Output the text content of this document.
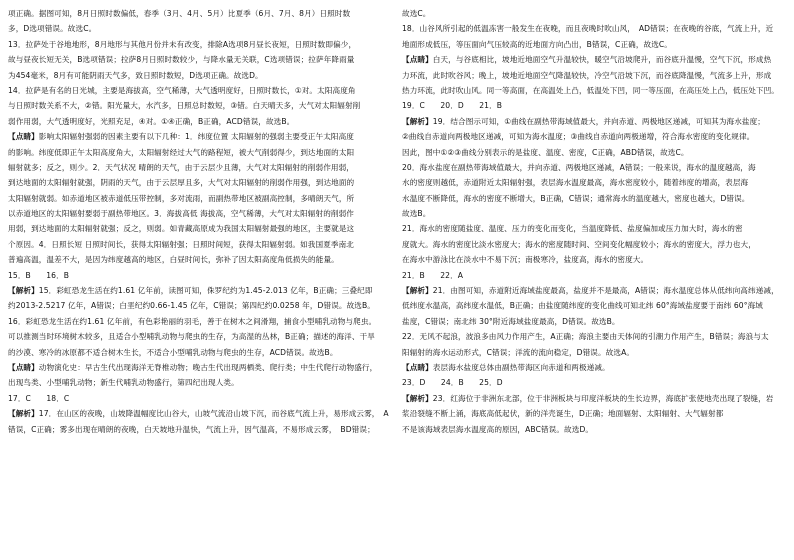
项正确。据图可知，8月日照时数偏低，春季（3月、4月、5月）比夏季（6月、7月、8月）日照时数
多，D选项错误。故选C。
13．拉萨处于谷地地形，8月地形与其他月份并未有改变，排除A选项8月昼长夜短，日照时数即偏少，
故与昼夜长短无关，B选项错误；拉萨8月日照时数较少，与降水量无关联，C选项错误；拉萨年降雨量
为454毫米，8月有可能阴雨天气多，致日照时数短，D选项正确。故选D。
14．拉萨是有名的日光城，主要是海拔高，空气稀薄，大气透明度好，日照时数长，①对。太阳高度角
与日照时数关系不大，②错。阳光量大，水汽多，日照总时数短，③错。白天晴天多，大气对太阳辐射削
弱作用弱，大气透明度好，光照充足，④对。①④正确，B正确，ACD错误，故选B。
【点睛】影响太阳辐射强弱的因素主要有以下几种：1．纬度位置 太阳辐射的强弱主要受正午太阳高度
的影响。纬度低即正午太阳高度角大，太阳辐射经过大气的路程短，被大气削弱得少，到达地面的太阳
辐射就多；反之，则少。2．天气状况 晴朗的天气，由于云层少且薄，大气对太阳辐射的削弱作用弱，
到达地面的太阳辐射就强，阴雨的天气，由于云层厚且多，大气对太阳辐射的削弱作用强，到达地面的
太阳辐射就弱。如赤道地区被赤道低压带控制，多对流雨，而副热带地区被副高控制，多晴朗天气，所
以赤道地区的太阳辐射要弱于副热带地区。3．海拔高低 海拔高，空气稀薄，大气对太阳辐射的削弱作
用弱，到达地面的太阳辐射就强；反之，则弱。如青藏高原成为我国太阳辐射最强的地区，主要就是这
个原因。4．日照长短 日照时间长，获得太阳辐射强；日照时间短，获得太阳辐射弱。如我国夏季南北
普遍高温，温差不大，是因为纬度越高的地区，白昼时间长，弥补了因太阳高度角低损失的能量。
15．B　　16．B
【解析】15．彩虹恐龙生活在约1.61 亿年前，读图可知，侏罗纪约为1.45-2.013 亿年，B正确；三叠纪即
约2013-2.5217 亿年，A错误；白垩纪约0.66-1.45 亿年，C错误；第四纪约0.0258 年，D错误。故选B。
16．彩虹恐龙生活在约1.61 亿年前，有色彩艳丽的羽毛，善于在树木之间滑翔，捕食小型哺乳动物与爬虫。
可以推测当时环境树木较多，且适合小型哺乳动物与爬虫的生存，为高湿的丛林，B正确；描述的海洋、干旱
的沙漠、寒冷的冰原都不适合树木生长，不适合小型哺乳动物与爬虫的生存，ACD错误。故选B。
【点睛】动物演化史：早古生代出现海洋无脊椎动物；晚古生代出现两栖类、爬行类；中生代爬行动物盛行，
出现鸟类、小型哺乳动物；新生代哺乳动物盛行，第四纪出现人类。
17．C　　18．C
【解析】17．在山区的夜晚，山坡降温幅度比山谷大，山坡气流沿山坡下沉，而谷底气流上升，易形成云雾，　A
错误，C正确；雾多出现在晴朗的夜晚，白天坡地升温快，气流上升，因气温高，不易形成云雾，　BD错误；
故选C。
18．山谷风所引起的低温冻害一般发生在夜晚，而且夜晚时吹山风，　AD错误；在夜晚的谷底，气流上升，近
地面形成低压，等压面向气压较高的近地面方向凸出，B错误，C正确，故选C。
【点睛】白天，与谷底相比，坡地近地面空气升温较快，暖空气沿坡爬升，而谷底升温慢，空气下沉，形成热
力环流，此时吹谷风；晚上，坡地近地面空气降温较快，冷空气沿坡下沉，而谷底降温慢，气流多上升，形成
热力环流，此时吹山风。同一等高面，在高温处上凸，低温处下凹，同一等压面，在高压处上凸，低压处下凹。
19．C　　20．D　　21．B
【解析】19．结合图示可知，①曲线在副热带海域值最大，并向赤道、两极地区递减，可知其为海水盐度；
②曲线自赤道向两极地区递减，可知为海水温度；③曲线自赤道向两极递增，符合海水密度的变化规律。
因此，图中①②③曲线分别表示的是盐度、温度、密度，C正确，ABD错误，故选C。
20．海水盐度在副热带海域值最大，并向赤道、两极地区递减，A错误；一般来说，海水的温度越高，海
水的密度则越低，赤道附近太阳辐射强，表层海水温度最高，海水密度较小，随着纬度的增高，表层海
水温度不断降低，海水的密度不断增大，B正确，C错误；通常海水的温度越大，密度也越大，D错误。
故选B。
21．海水的密度随盐度、温度、压力的变化而变化，当温度降低、盐度偏加或压力加大时，海水的密
度就大。海水的密度比淡水密度大；海水的密度随时间、空间变化幅度较小；海水的密度大，浮力也大，
在海水中游泳比在淡水中不易下沉；南极寒冷，盐度高，海水的密度大。
21．B　　22．A
【解析】21．由图可知，赤道附近海域盐度最高，盐度并不是最高，A错误；海水温度总体从低纬向高纬递减，
低纬度水温高，高纬度水温低，B正确；由盐度随纬度的变化曲线可知北纬 60°海域盐度要于南纬 60°海域
盐度，C错误；南北纬 30°附近海域盐度最高，D错误。故选B。
22．无风不起浪，波浪多由风力作用产生，A正确；海浪主要由天体间的引潮力作用产生，B错误；海浪与太
阳辐射的海水运动形式，C错误；洋流的流向稳定，D错误。故选A。
【点睛】表层海水盐度总体由副热带海区向赤道和两极递减。
23．D　　24．B　　25．D
【解析】23．红海位于非洲东北部，位于非洲板块与印度洋板块的生长边界，海底扩张使地壳出现了裂缝，岩
浆沿裂缝不断上涌，海底高低起伏，新的洋壳诞生，D正确；地面辐射、太阳辐射、大气辐射都
不是该海域表层海水温度高的原因，ABC错误。故选D。
